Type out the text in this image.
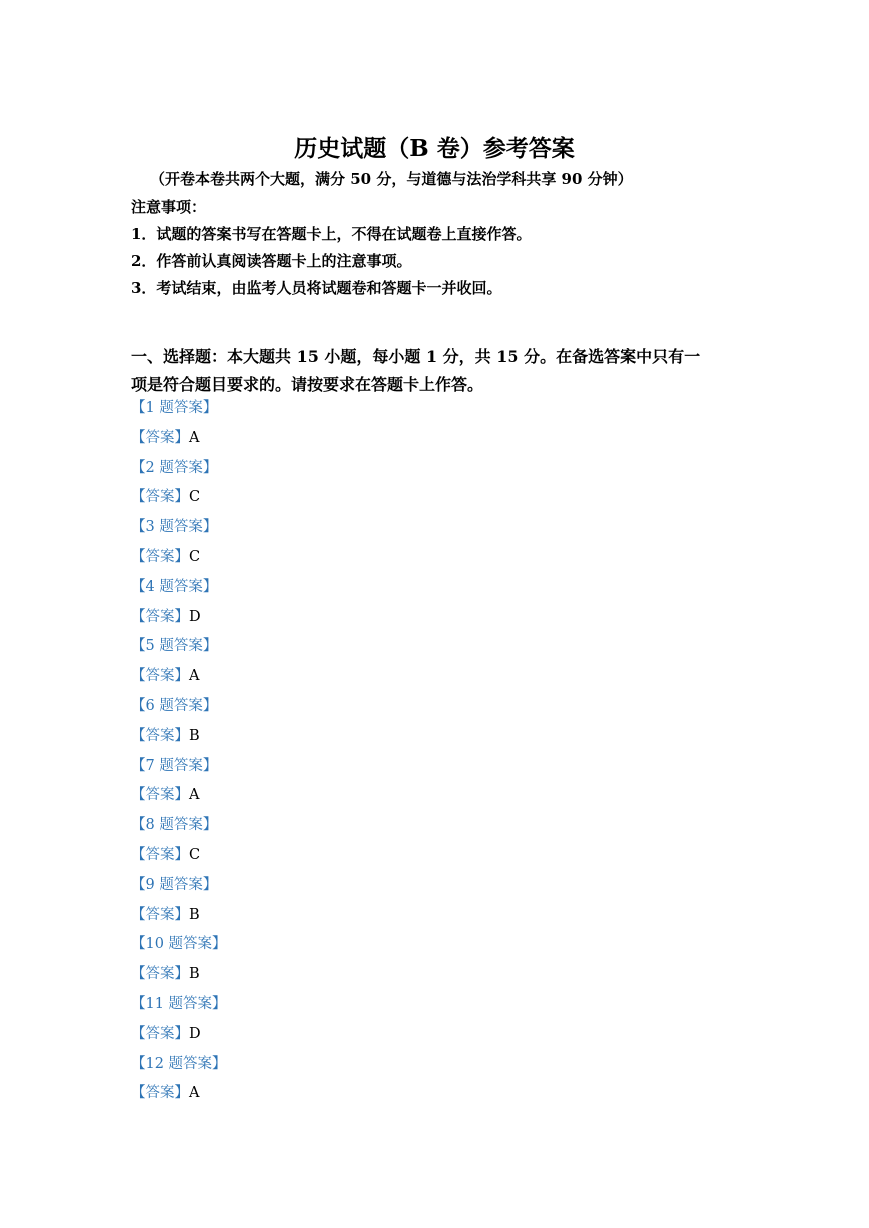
历史试题（B 卷）参考答案
（开卷本卷共两个大题，满分 50 分，与道德与法治学科共享 90 分钟）
注意事项：
1．试题的答案书写在答题卡上，不得在试题卷上直接作答。
2．作答前认真阅读答题卡上的注意事项。
3．考试结束，由监考人员将试题卷和答题卡一并收回。
一、选择题：本大题共 15 小题，每小题 1 分，共 15 分。在备选答案中只有一
项是符合题目要求的。请按要求在答题卡上作答。
【1 题答案】
【答案】A
【2 题答案】
【答案】C
【3 题答案】
【答案】C
【4 题答案】
【答案】D
【5 题答案】
【答案】A
【6 题答案】
【答案】B
【7 题答案】
【答案】A
【8 题答案】
【答案】C
【9 题答案】
【答案】B
【10 题答案】
【答案】B
【11 题答案】
【答案】D
【12 题答案】
【答案】A
